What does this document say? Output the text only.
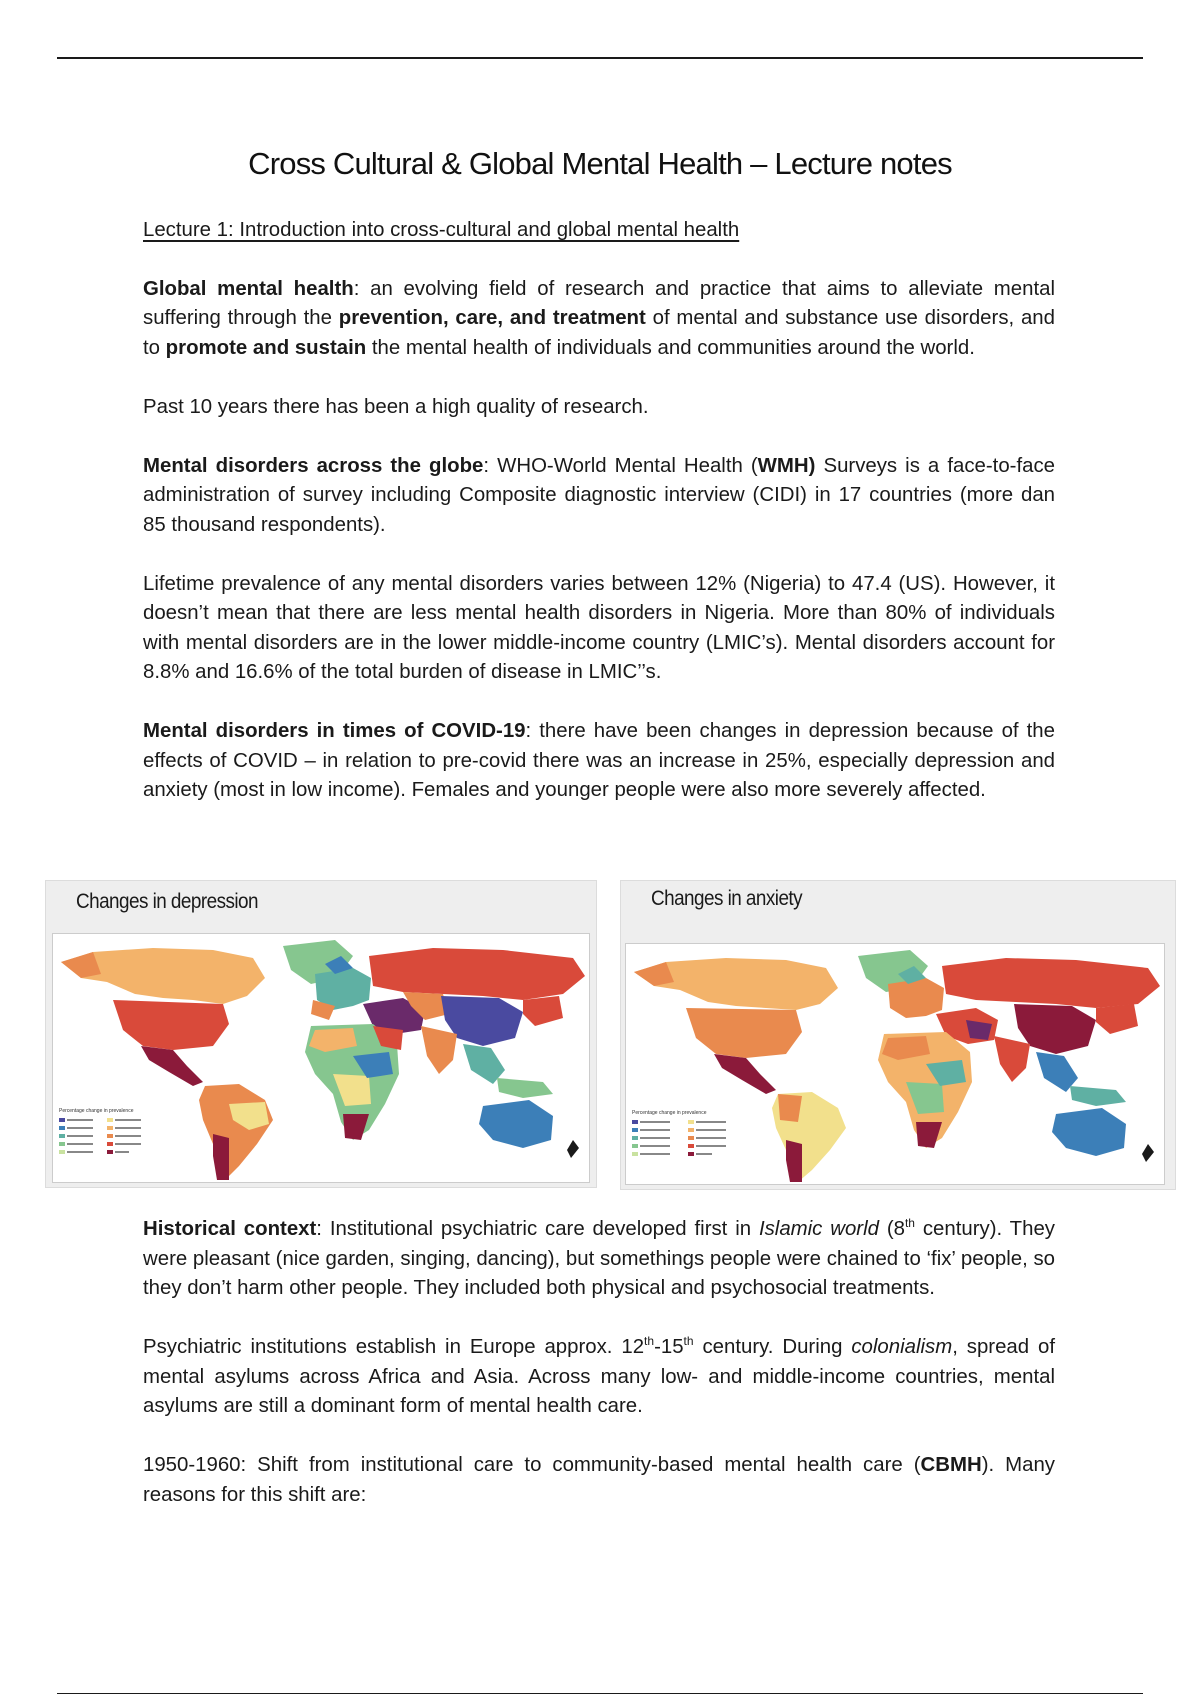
Cross Cultural & Global Mental Health – Lecture notes

Lecture 1: Introduction into cross-cultural and global mental health

Global mental health: an evolving field of research and practice that aims to alleviate mental suffering through the prevention, care, and treatment of mental and substance use disorders, and to promote and sustain the mental health of individuals and communities around the world.

Past 10 years there has been a high quality of research.

Mental disorders across the globe: WHO-World Mental Health (WMH) Surveys is a face-to-face administration of survey including Composite diagnostic interview (CIDI) in 17 countries (more dan 85 thousand respondents).

Lifetime prevalence of any mental disorders varies between 12% (Nigeria) to 47.4 (US). However, it doesn’t mean that there are less mental health disorders in Nigeria. More than 80% of individuals with mental disorders are in the lower middle-income country (LMIC’s). Mental disorders account for 8.8% and 16.6% of the total burden of disease in LMIC’’s.

Mental disorders in times of COVID-19: there have been changes in depression because of the effects of COVID – in relation to pre-covid there was an increase in 25%, especially depression and anxiety (most in low income). Females and younger people were also more severely affected.

Changes in depression
Percentage change in prevalence
Changes in anxiety
Percentage change in prevalence

Historical context: Institutional psychiatric care developed first in Islamic world (8th century). They were pleasant (nice garden, singing, dancing), but somethings people were chained to ‘fix’ people, so they don’t harm other people. They included both physical and psychosocial treatments.

Psychiatric institutions establish in Europe approx. 12th-15th century. During colonialism, spread of mental asylums across Africa and Asia. Across many low- and middle-income countries, mental asylums are still a dominant form of mental health care.

1950-1960: Shift from institutional care to community-based mental health care (CBMH). Many reasons for this shift are:
